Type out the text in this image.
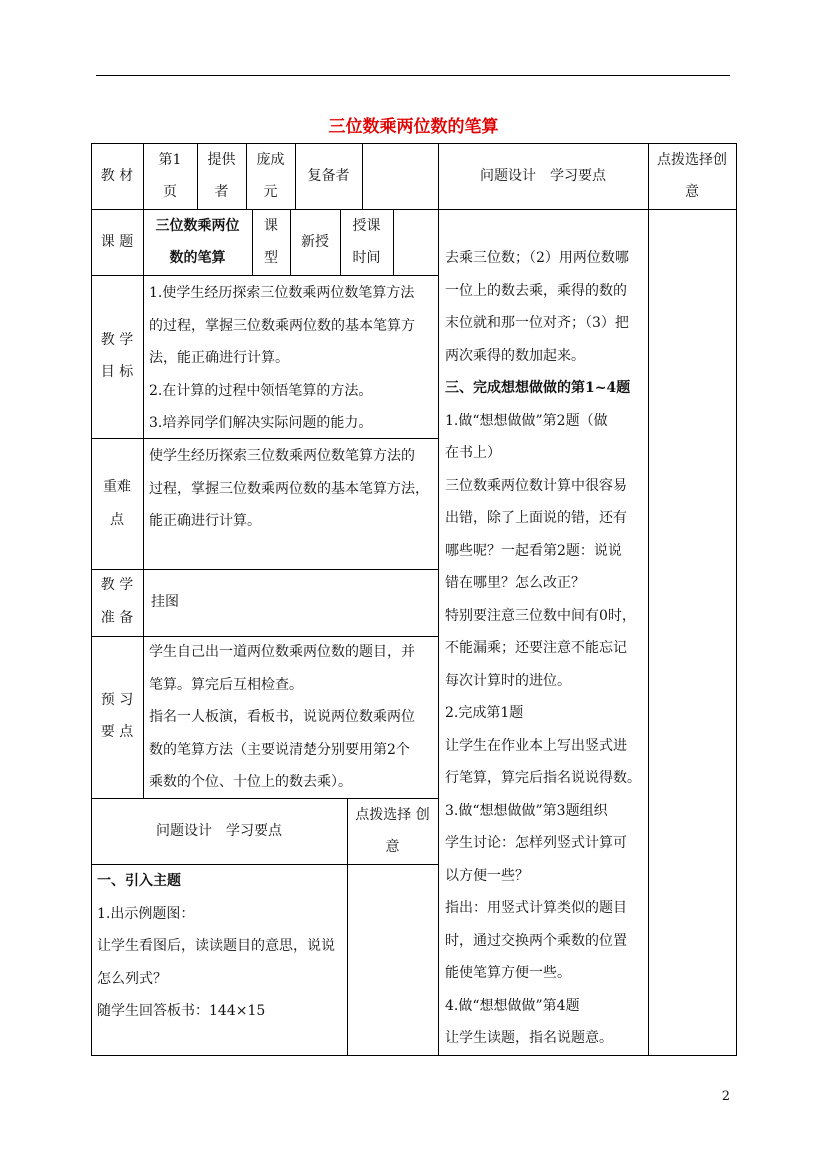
三位数乘两位数的笔算
教 材
第1
页
提供
者
庞成
元
复备者	问题设计　学习要点
点拨选择创
意
课 题
三位数乘两位
数的笔算
课
型
新授
授课
时间
教 学
目 标
1.使学生经历探索三位数乘两位数笔算方法
的过程，掌握三位数乘两位数的基本笔算方
法，能正确进行计算。
2.在计算的过程中领悟笔算的方法。
3.培养同学们解决实际问题的能力。
重难
点
使学生经历探索三位数乘两位数笔算方法的
过程，掌握三位数乘两位数的基本笔算方法，
能正确进行计算。
教 学
准 备
挂图
预 习
要 点
学生自己出一道两位数乘两位数的题目，并
笔算。算完后互相检查。
指名一人板演，看板书，说说两位数乘两位
数的笔算方法（主要说清楚分别要用第2个
乘数的个位、十位上的数去乘）。
问题设计　学习要点
点拨选择 创
意
一、引入主题
1.出示例题图：
让学生看图后，读读题目的意思，说说
怎么列式？
随学生回答板书：144×15
去乘三位数；（2）用两位数哪
一位上的数去乘，乘得的数的
末位就和那一位对齐；（3）把
两次乘得的数加起来。
三、完成想想做做的第1~4题
1.做“想想做做”第2题（做
在书上）
三位数乘两位数计算中很容易
出错，除了上面说的错，还有
哪些呢？一起看第2题：说说
错在哪里？怎么改正？
特别要注意三位数中间有0时，
不能漏乘；还要注意不能忘记
每次计算时的进位。
2.完成第1题
让学生在作业本上写出竖式进
行笔算，算完后指名说说得数。
3.做“想想做做”第3题组织
学生讨论：怎样列竖式计算可
以方便一些？
指出：用竖式计算类似的题目
时，通过交换两个乘数的位置
能使笔算方便一些。
4.做“想想做做”第4题
让学生读题，指名说题意。
2
